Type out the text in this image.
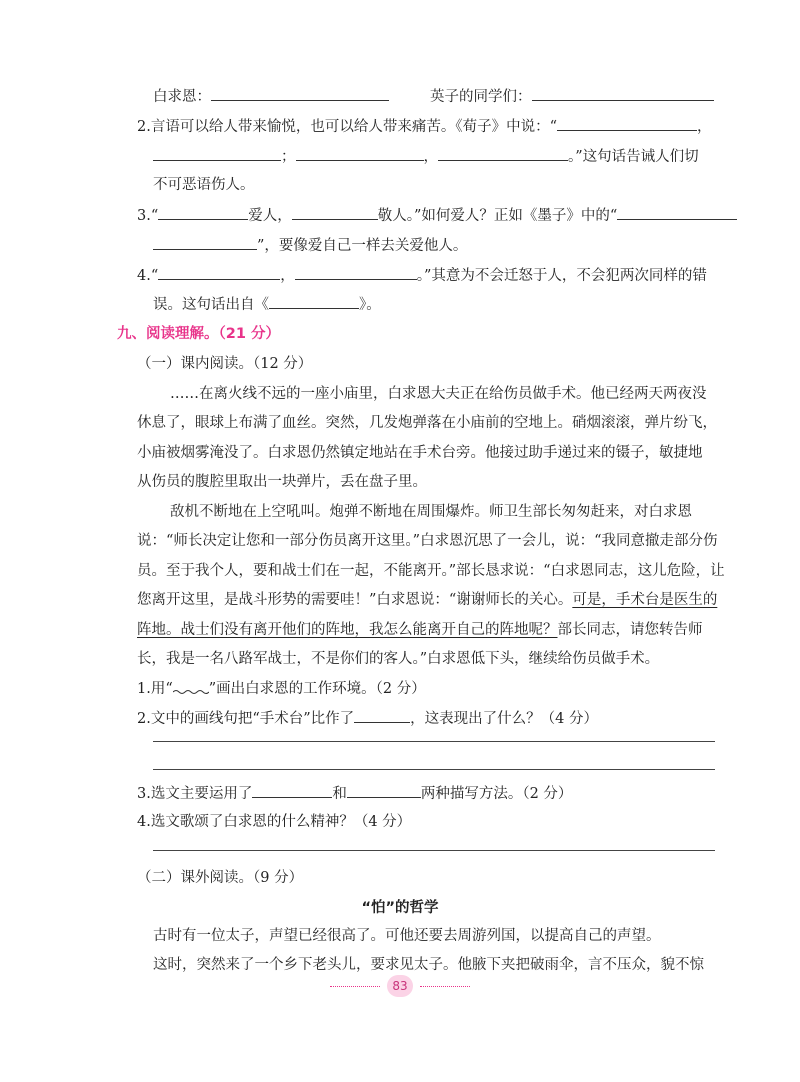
白求恩：	英子的同学们：
2.言语可以给人带来愉悦，也可以给人带来痛苦。《荀子》中说：“	，
；	，	。”这句话告诫人们切
不可恶语伤人。
3.“	爱人，	敬人。”如何爱人？正如《墨子》中的“
”，要像爱自己一样去关爱他人。
4.“	，	。”其意为不会迁怒于人，不会犯两次同样的错
误。这句话出自《	》。
九、阅读理解。（21 分）
（一）课内阅读。（12 分）
……在离火线不远的一座小庙里，白求恩大夫正在给伤员做手术。他已经两天两夜没
休息了，眼球上布满了血丝。突然，几发炮弹落在小庙前的空地上。硝烟滚滚，弹片纷飞，
小庙被烟雾淹没了。白求恩仍然镇定地站在手术台旁。他接过助手递过来的镊子，敏捷地
从伤员的腹腔里取出一块弹片，丢在盘子里。
敌机不断地在上空吼叫。炮弹不断地在周围爆炸。师卫生部长匆匆赶来，对白求恩
说：“师长决定让您和一部分伤员离开这里。”白求恩沉思了一会儿，说：“我同意撤走部分伤
员。至于我个人，要和战士们在一起，不能离开。”部长恳求说：“白求恩同志，这儿危险，让
您离开这里，是战斗形势的需要哇！”白求恩说：“谢谢师长的关心。可是，手术台是医生的
阵地。战士们没有离开他们的阵地，我怎么能离开自己的阵地呢？部长同志，请您转告师
长，我是一名八路军战士，不是你们的客人。”白求恩低下头，继续给伤员做手术。
1.用“ ”画出白求恩的工作环境。（2 分）
2.文中的画线句把“手术台”比作了	，这表现出了什么？（4 分）
3.选文主要运用了	和	两种描写方法。（2 分）
4.选文歌颂了白求恩的什么精神？（4 分）
（二）课外阅读。（9 分）
“怕”的哲学
古时有一位太子，声望已经很高了。可他还要去周游列国，以提高自己的声望。
这时，突然来了一个乡下老头儿，要求见太子。他腋下夹把破雨伞，言不压众，貌不惊
83
